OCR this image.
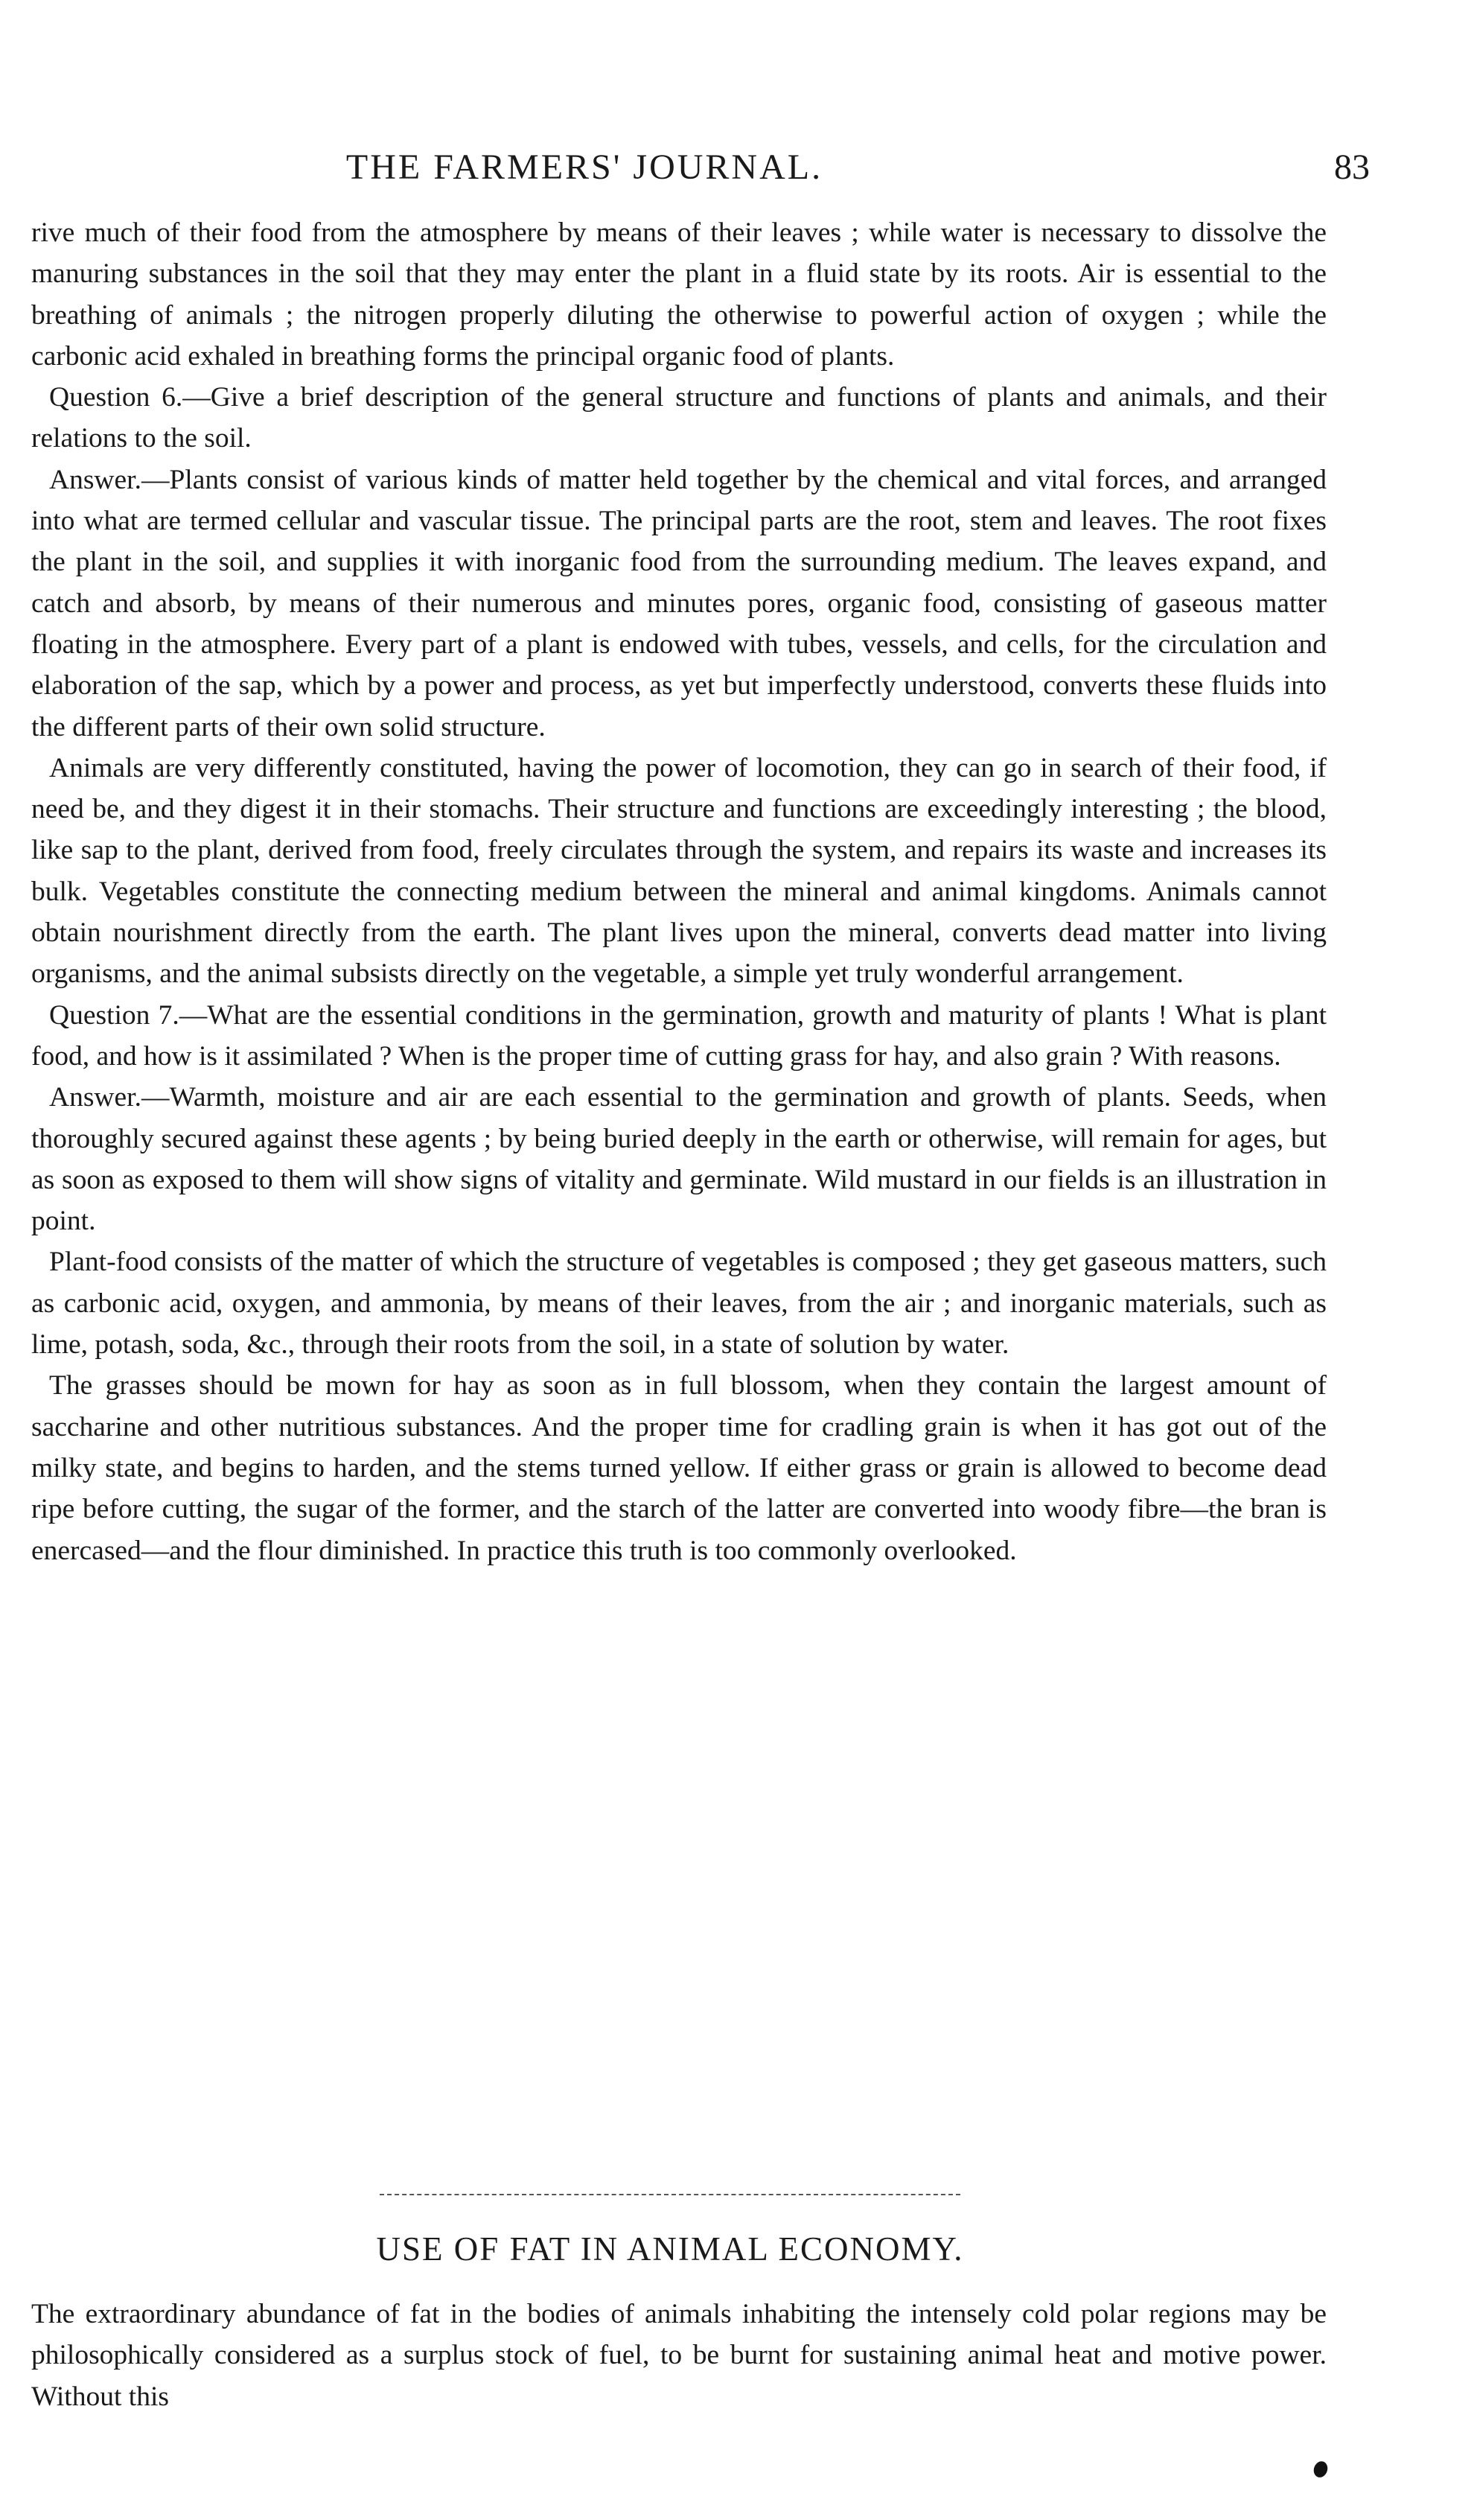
THE FARMERS' JOURNAL.	83

rive much of their food from the atmosphere by means of their leaves ; while water is necessary to dissolve the manuring substances in the soil that they may enter the plant in a fluid state by its roots. Air is essential to the breathing of animals ; the nitrogen properly diluting the otherwise to powerful action of oxygen ; while the carbonic acid exhaled in breathing forms the principal organic food of plants.

Question 6.—Give a brief description of the general structure and functions of plants and animals, and their relations to the soil.

Answer.—Plants consist of various kinds of matter held together by the chemical and vital forces, and arranged into what are termed cellular and vascular tissue. The principal parts are the root, stem and leaves. The root fixes the plant in the soil, and supplies it with inorganic food from the surrounding medium. The leaves expand, and catch and absorb, by means of their numerous and minutes pores, organic food, consisting of gaseous matter floating in the atmosphere. Every part of a plant is endowed with tubes, vessels, and cells, for the circulation and elaboration of the sap, which by a power and process, as yet but imperfectly understood, converts these fluids into the different parts of their own solid structure.

Animals are very differently constituted, having the power of locomotion, they can go in search of their food, if need be, and they digest it in their stomachs. Their structure and functions are exceedingly interesting ; the blood, like sap to the plant, derived from food, freely circulates through the system, and repairs its waste and increases its bulk. Vegetables constitute the connecting medium between the mineral and animal kingdoms. Animals cannot obtain nourishment directly from the earth. The plant lives upon the mineral, converts dead matter into living organisms, and the animal subsists directly on the vegetable, a simple yet truly wonderful arrangement.

Question 7.—What are the essential conditions in the germination, growth and maturity of plants ! What is plant food, and how is it assimilated ? When is the proper time of cutting grass for hay, and also grain ? With reasons.

Answer.—Warmth, moisture and air are each essential to the germination and growth of plants. Seeds, when thoroughly secured against these agents ; by being buried deeply in the earth or otherwise, will remain for ages, but as soon as exposed to them will show signs of vitality and germinate. Wild mustard in our fields is an illustration in point.

Plant-food consists of the matter of which the structure of vegetables is composed ; they get gaseous matters, such as carbonic acid, oxygen, and ammonia, by means of their leaves, from the air ; and inorganic materials, such as lime, potash, soda, &c., through their roots from the soil, in a state of solution by water.

The grasses should be mown for hay as soon as in full blossom, when they contain the largest amount of saccharine and other nutritious substances. And the proper time for cradling grain is when it has got out of the milky state, and begins to harden, and the stems turned yellow. If either grass or grain is allowed to become dead ripe before cutting, the sugar of the former, and the starch of the latter are converted into woody fibre—the bran is enercased—and the flour diminished. In practice this truth is too commonly overlooked.

USE OF FAT IN ANIMAL ECONOMY.

The extraordinary abundance of fat in the bodies of animals inhabiting the intensely cold polar regions may be philosophically considered as a surplus stock of fuel, to be burnt for sustaining animal heat and motive power. Without this
